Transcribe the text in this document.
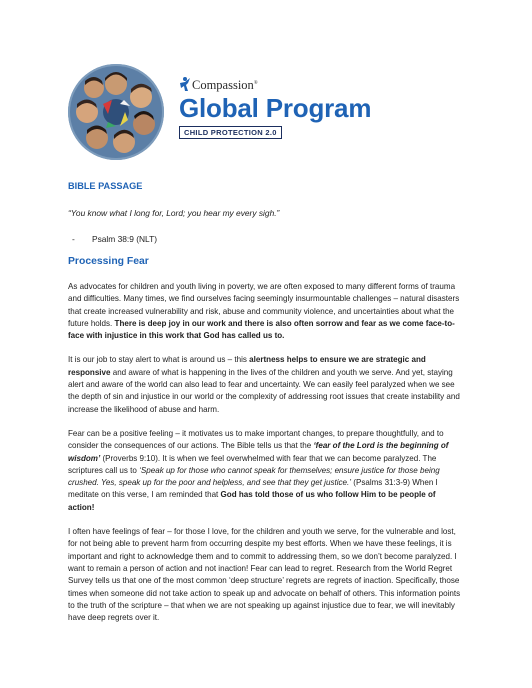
Compassion®
Global Program
CHILD PROTECTION 2.0
BIBLE PASSAGE

“You know what I long for, Lord; you hear my every sigh.”

- Psalm 38:9 (NLT)

Processing Fear

As advocates for children and youth living in poverty, we are often exposed to many different forms of trauma and difficulties. Many times, we find ourselves facing seemingly insurmountable challenges – natural disasters that create increased vulnerability and risk, abuse and community violence, and uncertainties about what the future holds. There is deep joy in our work and there is also often sorrow and fear as we come face-to-face with injustice in this work that God has called us to.

It is our job to stay alert to what is around us – this alertness helps to ensure we are strategic and responsive and aware of what is happening in the lives of the children and youth we serve. And yet, staying alert and aware of the world can also lead to fear and uncertainty. We can easily feel paralyzed when we see the depth of sin and injustice in our world or the complexity of addressing root issues that create instability and increase the likelihood of abuse and harm.

Fear can be a positive feeling – it motivates us to make important changes, to prepare thoughtfully, and to consider the consequences of our actions. The Bible tells us that the ‘fear of the Lord is the beginning of wisdom’ (Proverbs 9:10). It is when we feel overwhelmed with fear that we can become paralyzed. The scriptures call us to ‘Speak up for those who cannot speak for themselves; ensure justice for those being crushed. Yes, speak up for the poor and helpless, and see that they get justice.’ (Psalms 31:3-9) When I meditate on this verse, I am reminded that God has told those of us who follow Him to be people of action!

I often have feelings of fear – for those I love, for the children and youth we serve, for the vulnerable and lost, for not being able to prevent harm from occurring despite my best efforts. When we have these feelings, it is important and right to acknowledge them and to commit to addressing them, so we don’t become paralyzed. I want to remain a person of action and not inaction! Fear can lead to regret. Research from the World Regret Survey tells us that one of the most common ‘deep structure’ regrets are regrets of inaction. Specifically, those times when someone did not take action to speak up and advocate on behalf of others. This information points to the truth of the scripture – that when we are not speaking up against injustice due to fear, we will inevitably have deep regrets over it.
